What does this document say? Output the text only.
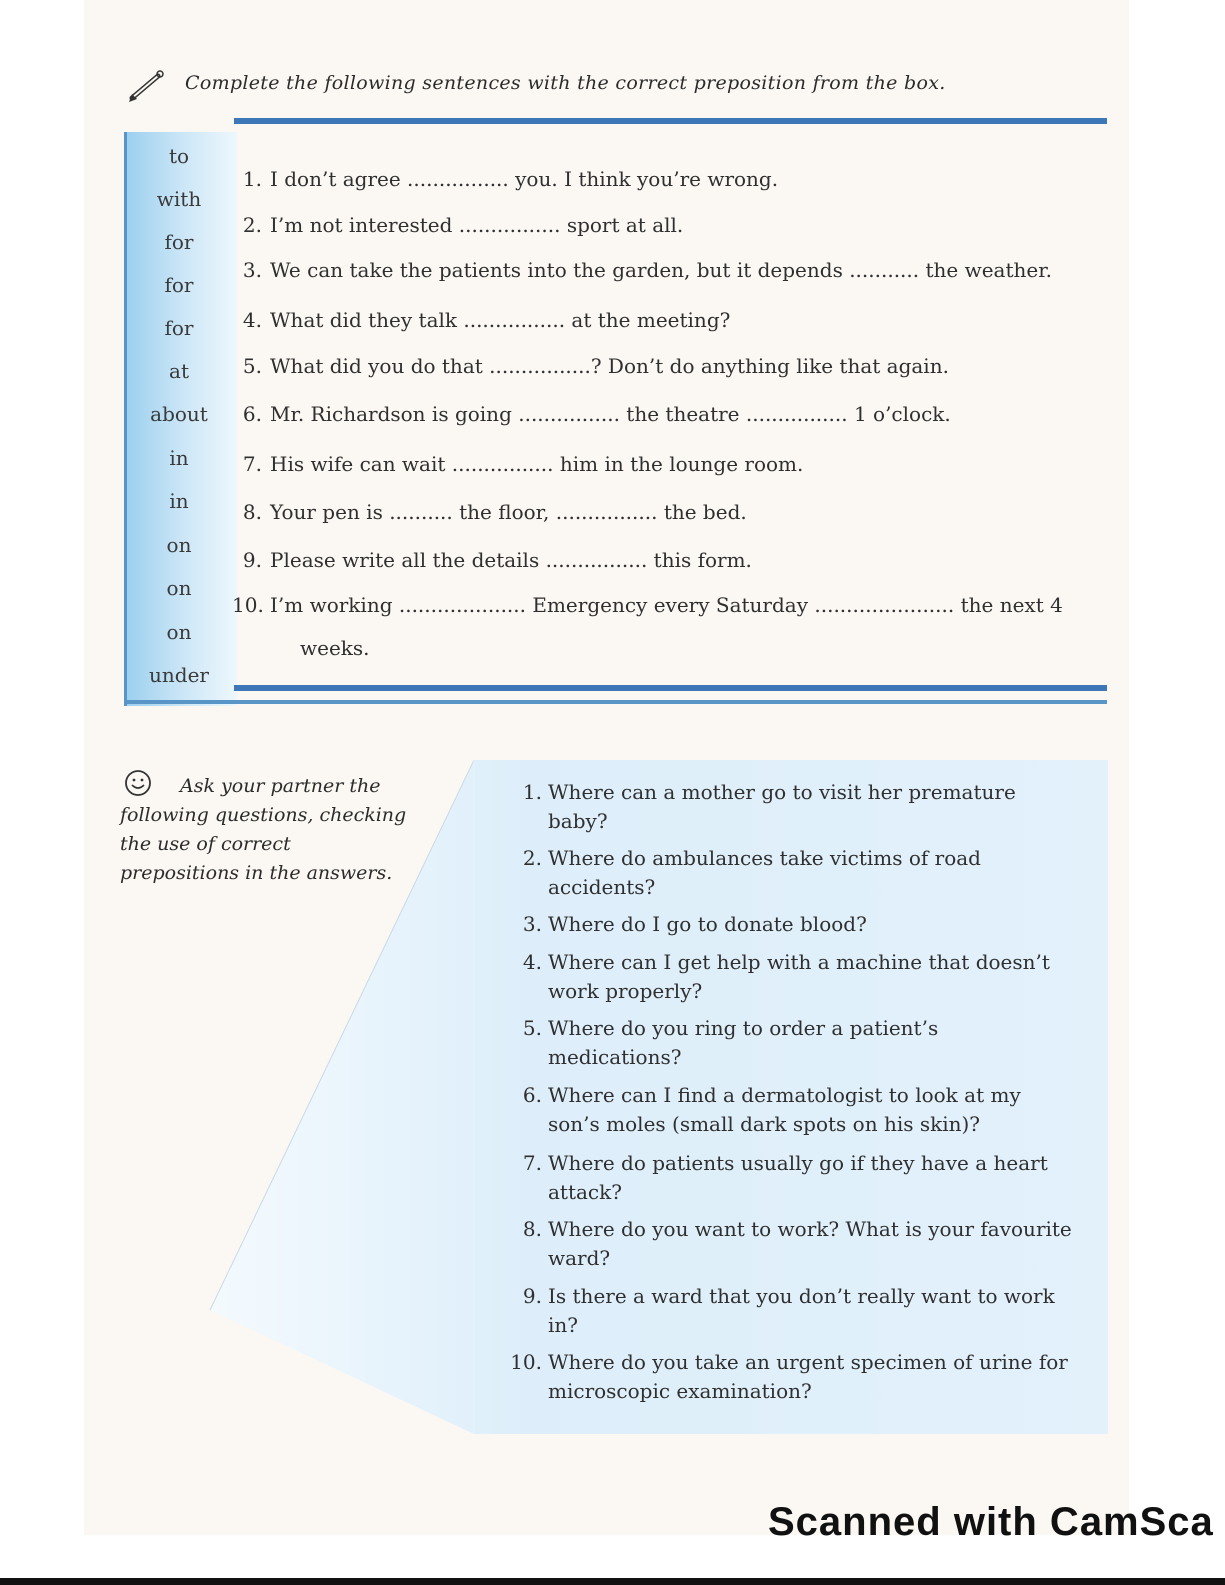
Complete the following sentences with the correct preposition from the box.
to
with
for
for
for
at
about
in
in
on
on
on
under
1. I don’t agree ................ you. I think you’re wrong.
2. I’m not interested ................ sport at all.
3. We can take the patients into the garden, but it depends ........... the weather.
4. What did they talk ................ at the meeting?
5. What did you do that ................? Don’t do anything like that again.
6. Mr. Richardson is going ................ the theatre ................ 1 o’clock.
7. His wife can wait ................ him in the lounge room.
8. Your pen is .......... the floor, ................ the bed.
9. Please write all the details ................ this form.
10. I’m working .................... Emergency every Saturday ...................... the next 4
weeks.
Ask your partner the following questions, checking the use of correct prepositions in the answers.
1. Where can a mother go to visit her premature baby?
2. Where do ambulances take victims of road accidents?
3. Where do I go to donate blood?
4. Where can I get help with a machine that doesn’t work properly?
5. Where do you ring to order a patient’s medications?
6. Where can I find a dermatologist to look at my son’s moles (small dark spots on his skin)?
7. Where do patients usually go if they have a heart attack?
8. Where do you want to work? What is your favourite ward?
9. Is there a ward that you don’t really want to work in?
10. Where do you take an urgent specimen of urine for microscopic examination?
Scanned with CamSca
